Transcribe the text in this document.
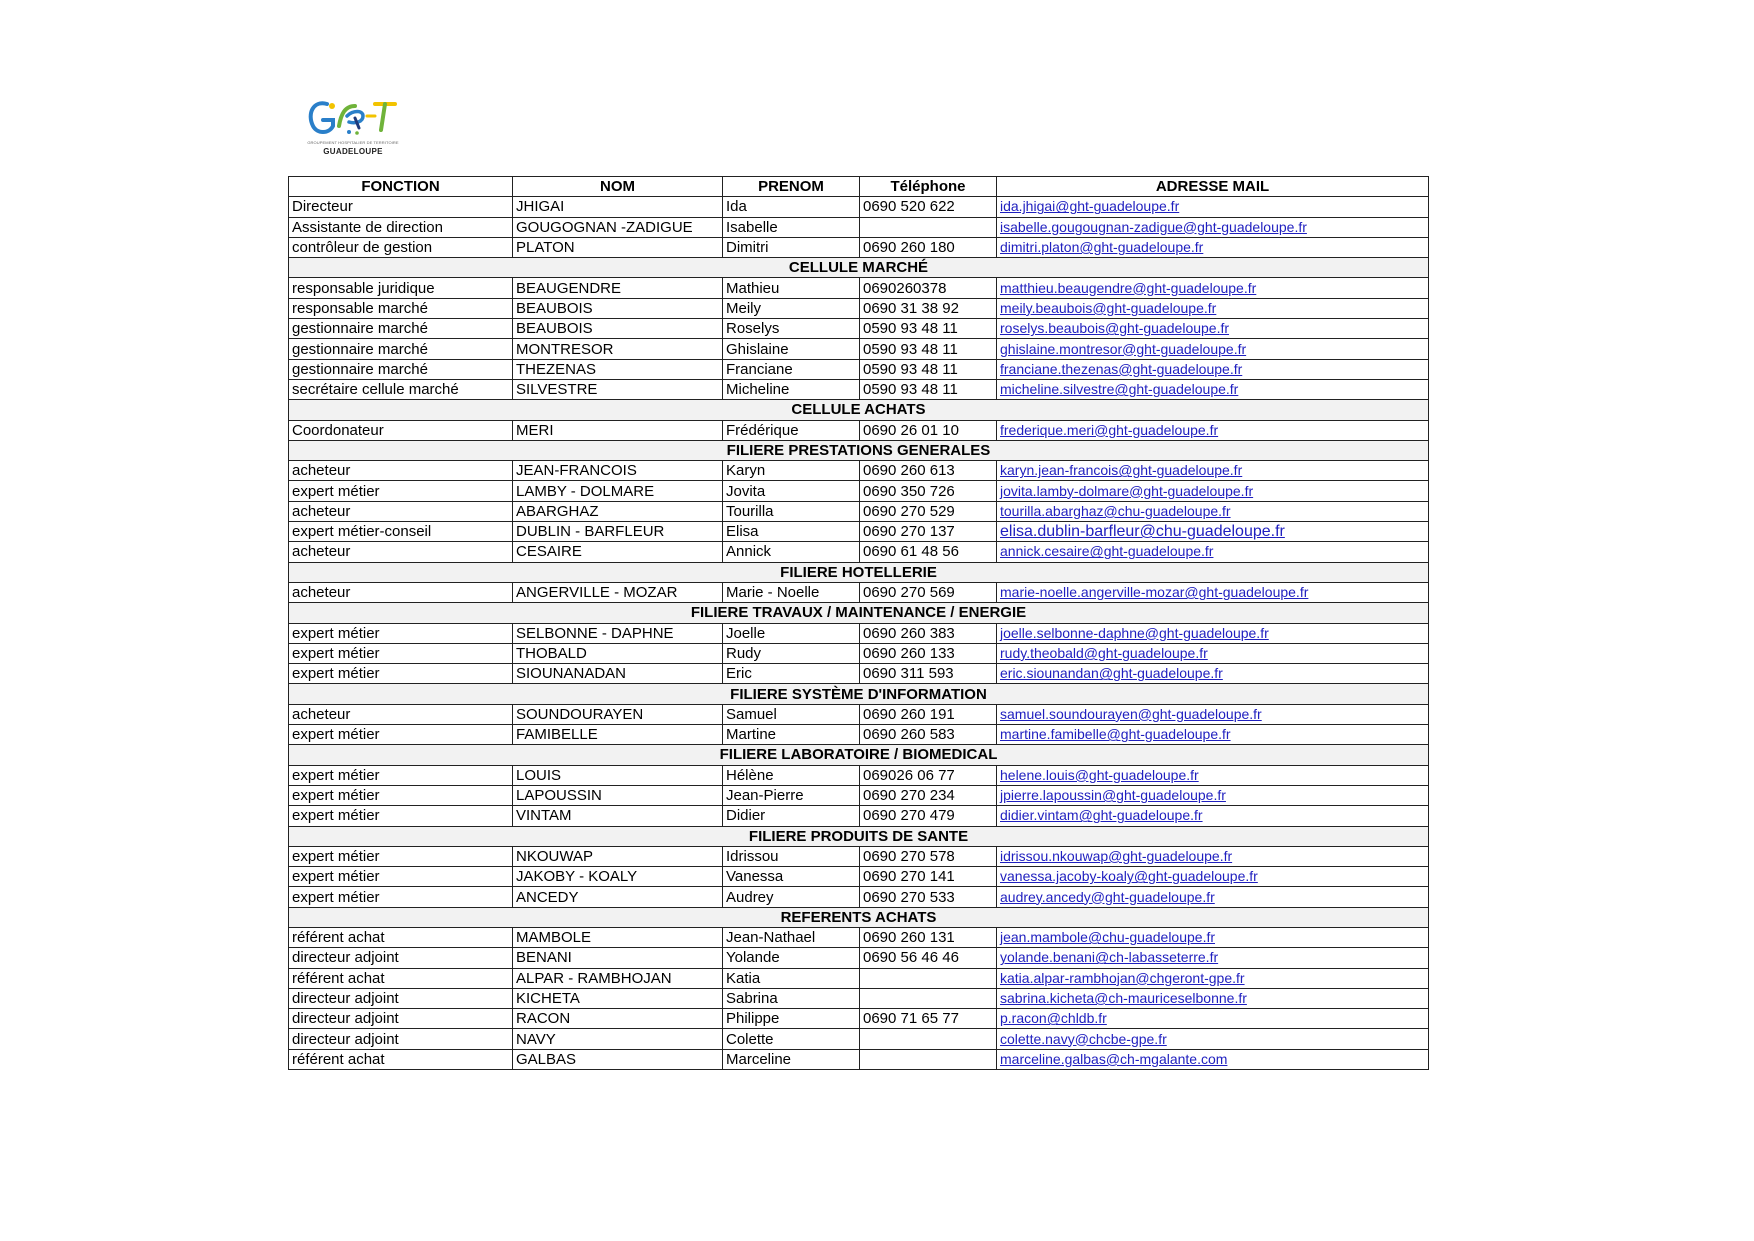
GROUPEMENT HOSPITALIER DE TERRITOIRE
GUADELOUPE
FONCTION	NOM	PRENOM	Téléphone	ADRESSE MAIL
Directeur	JHIGAI	Ida	0690 520 622	ida.jhigai@ght-guadeloupe.fr
Assistante de direction	GOUGOGNAN -ZADIGUE	Isabelle		isabelle.gougougnan-zadigue@ght-guadeloupe.fr
contrôleur de gestion	PLATON	Dimitri	0690 260 180	dimitri.platon@ght-guadeloupe.fr
CELLULE MARCHÉ				
responsable juridique	BEAUGENDRE	Mathieu	0690260378	matthieu.beaugendre@ght-guadeloupe.fr
responsable marché	BEAUBOIS	Meily	0690 31 38 92	meily.beaubois@ght-guadeloupe.fr
gestionnaire marché	BEAUBOIS	Roselys	0590 93 48 11	roselys.beaubois@ght-guadeloupe.fr
gestionnaire marché	MONTRESOR	Ghislaine	0590 93 48 11	ghislaine.montresor@ght-guadeloupe.fr
gestionnaire marché	THEZENAS	Franciane	0590 93 48 11	franciane.thezenas@ght-guadeloupe.fr
secrétaire cellule marché	SILVESTRE	Micheline	0590 93 48 11	micheline.silvestre@ght-guadeloupe.fr
CELLULE ACHATS				
Coordonateur	MERI	Frédérique	0690 26 01 10	frederique.meri@ght-guadeloupe.fr
FILIERE PRESTATIONS GENERALES				
acheteur	JEAN-FRANCOIS	Karyn	0690 260 613	karyn.jean-francois@ght-guadeloupe.fr
expert métier	LAMBY - DOLMARE	Jovita	0690 350 726	jovita.lamby-dolmare@ght-guadeloupe.fr
acheteur	ABARGHAZ	Tourilla	0690 270 529	tourilla.abarghaz@chu-guadeloupe.fr
expert métier-conseil	DUBLIN - BARFLEUR	Elisa	0690 270 137	elisa.dublin-barfleur@chu-guadeloupe.fr
acheteur	CESAIRE	Annick	0690 61 48 56	annick.cesaire@ght-guadeloupe.fr
FILIERE HOTELLERIE				
acheteur	ANGERVILLE - MOZAR	Marie - Noelle	0690 270 569	marie-noelle.angerville-mozar@ght-guadeloupe.fr
FILIERE TRAVAUX / MAINTENANCE / ENERGIE				
expert métier	SELBONNE - DAPHNE	Joelle	0690 260 383	joelle.selbonne-daphne@ght-guadeloupe.fr
expert métier	THOBALD	Rudy	0690 260 133	rudy.theobald@ght-guadeloupe.fr
expert métier	SIOUNANADAN	Eric	0690 311 593	eric.siounandan@ght-guadeloupe.fr
FILIERE SYSTÈME D'INFORMATION				
acheteur	SOUNDOURAYEN	Samuel	0690 260 191	samuel.soundourayen@ght-guadeloupe.fr
expert métier	FAMIBELLE	Martine	0690 260 583	martine.famibelle@ght-guadeloupe.fr
FILIERE LABORATOIRE / BIOMEDICAL				
expert métier	LOUIS	Hélène	069026 06 77	helene.louis@ght-guadeloupe.fr
expert métier	LAPOUSSIN	Jean-Pierre	0690 270 234	jpierre.lapoussin@ght-guadeloupe.fr
expert métier	VINTAM	Didier	0690 270 479	didier.vintam@ght-guadeloupe.fr
FILIERE PRODUITS DE SANTE				
expert métier	NKOUWAP	Idrissou	0690 270 578	idrissou.nkouwap@ght-guadeloupe.fr
expert métier	JAKOBY - KOALY	Vanessa	0690 270 141	vanessa.jacoby-koaly@ght-guadeloupe.fr
expert métier	ANCEDY	Audrey	0690 270 533	audrey.ancedy@ght-guadeloupe.fr
REFERENTS ACHATS				
référent achat	MAMBOLE	Jean-Nathael	0690 260 131	jean.mambole@chu-guadeloupe.fr
directeur adjoint	BENANI	Yolande	0690 56 46 46	yolande.benani@ch-labasseterre.fr
référent achat	ALPAR - RAMBHOJAN	Katia		katia.alpar-rambhojan@chgeront-gpe.fr
directeur adjoint	KICHETA	Sabrina		sabrina.kicheta@ch-mauriceselbonne.fr
directeur adjoint	RACON	Philippe	0690 71 65 77	p.racon@chldb.fr
directeur adjoint	NAVY	Colette		colette.navy@chcbe-gpe.fr
référent achat	GALBAS	Marceline		marceline.galbas@ch-mgalante.com
